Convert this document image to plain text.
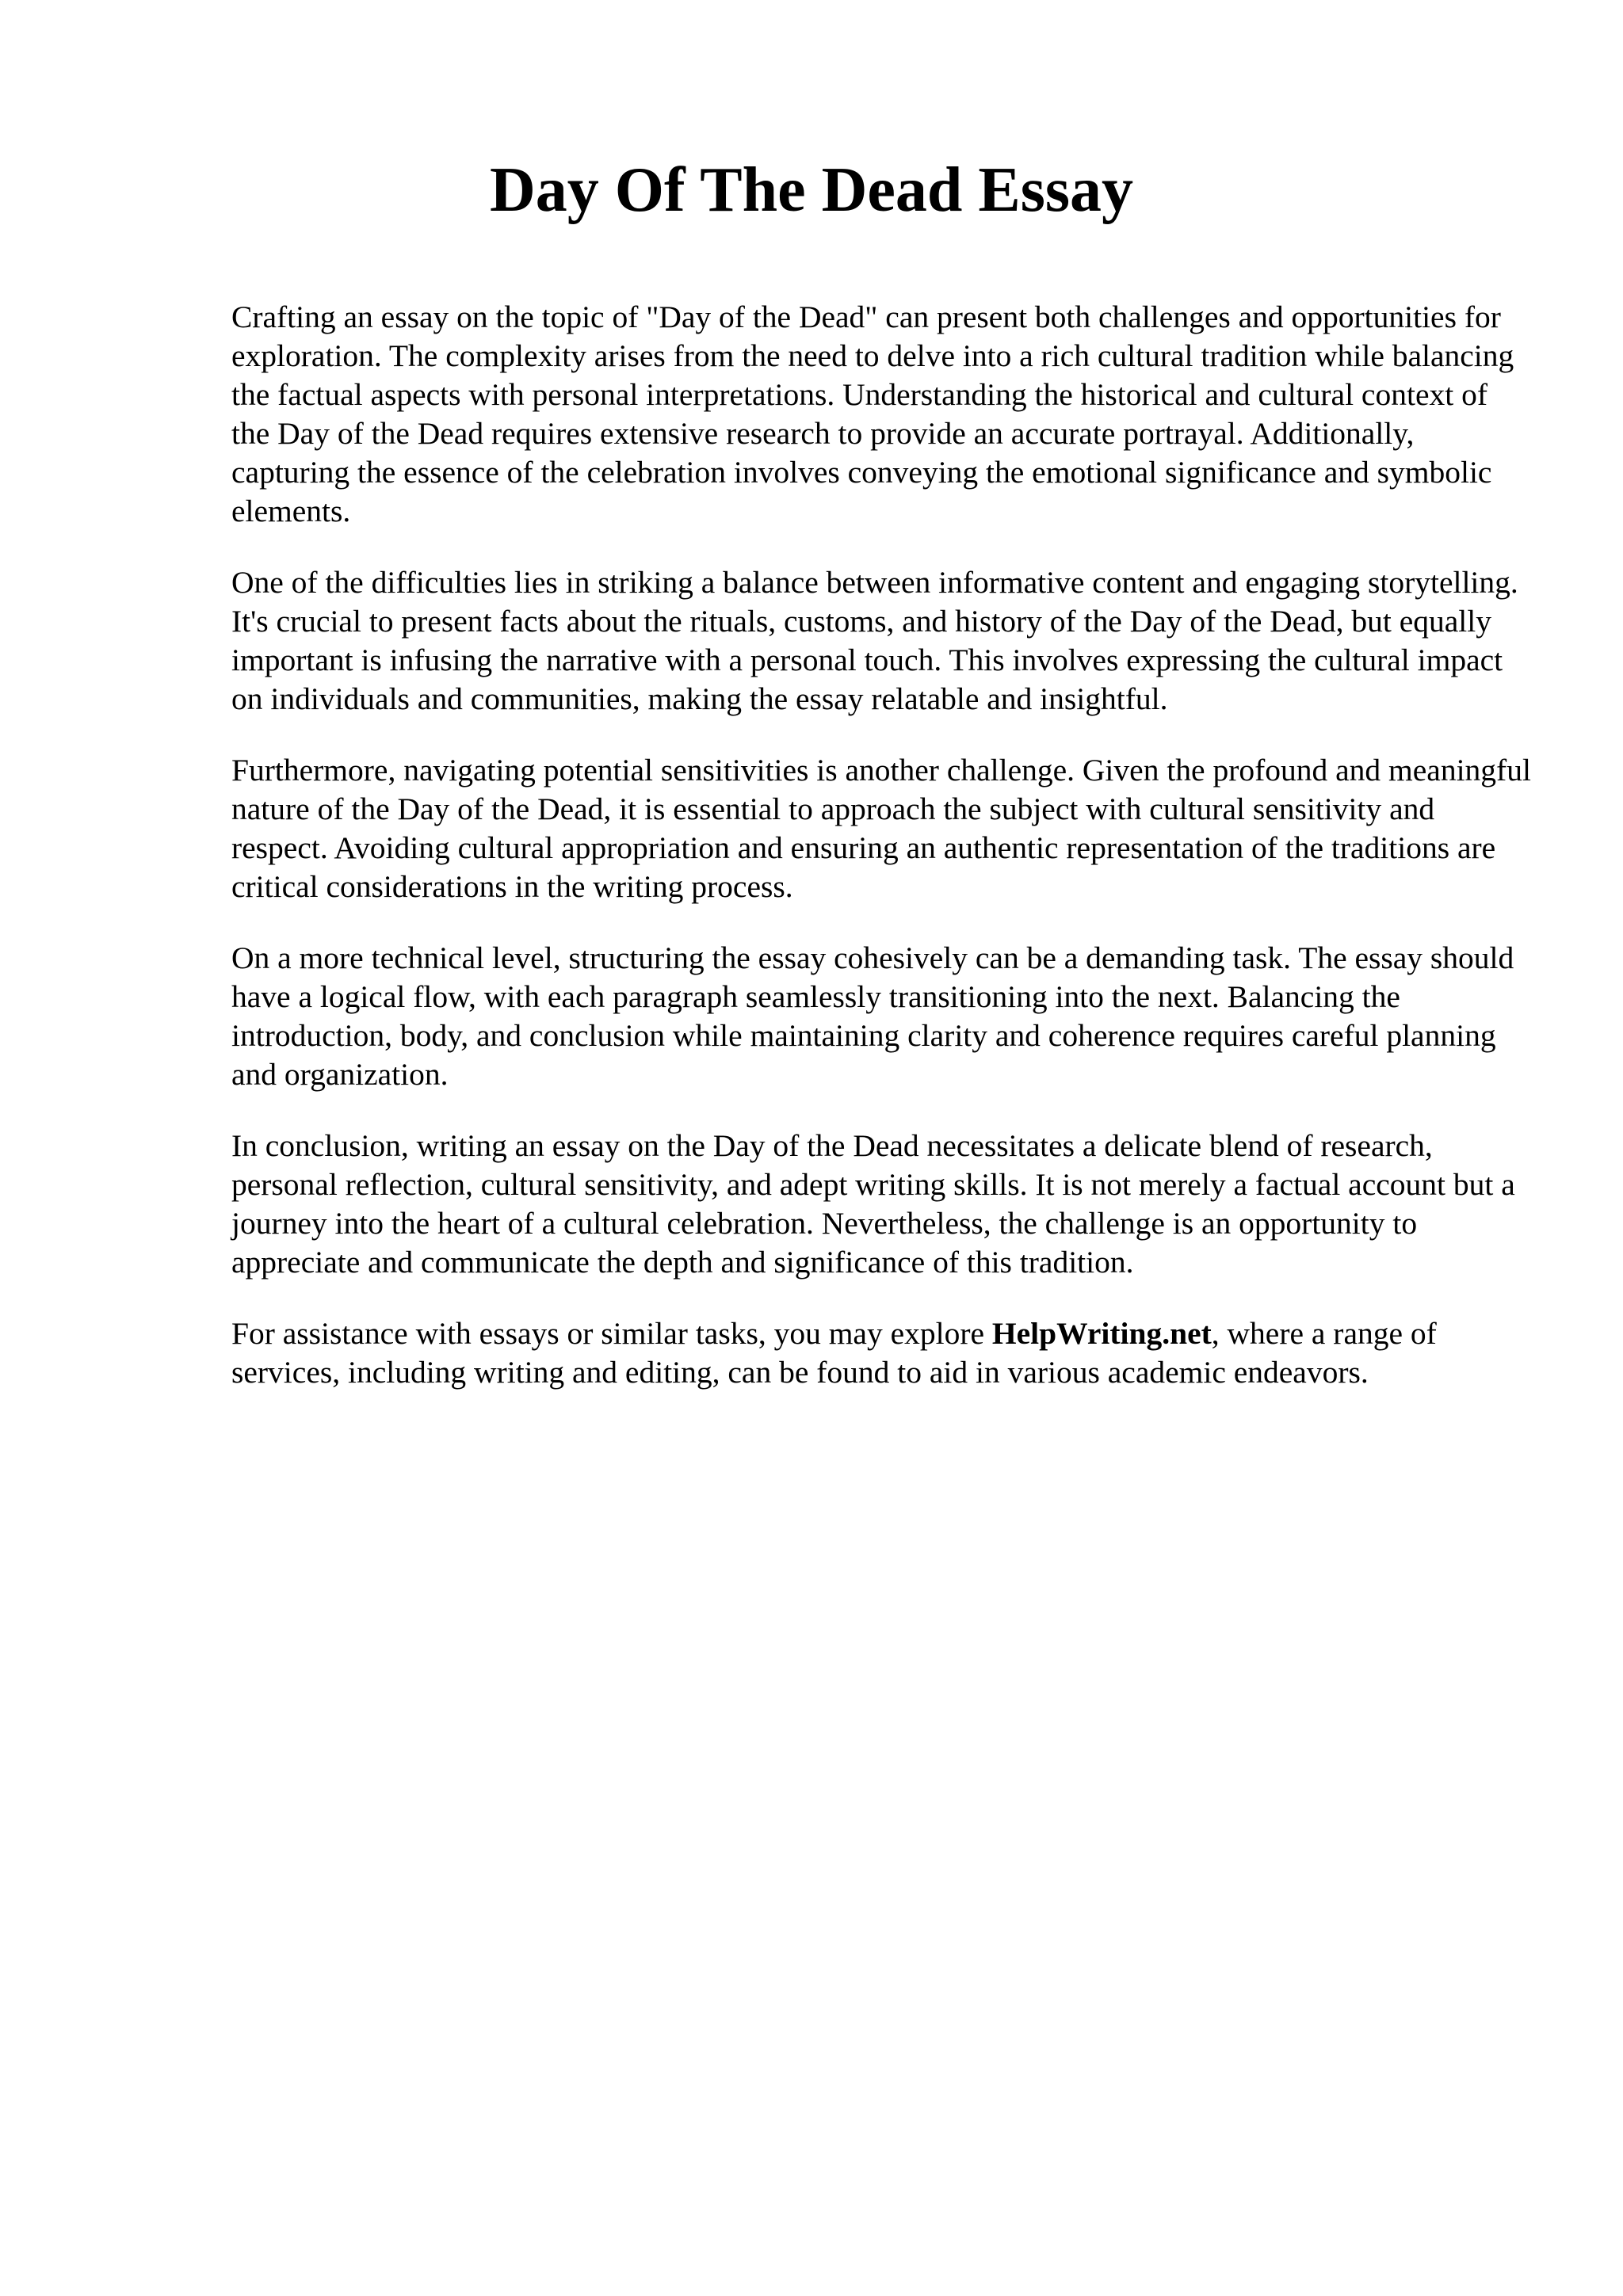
Day Of The Dead Essay

Crafting an essay on the topic of "Day of the Dead" can present both challenges and opportunities for exploration. The complexity arises from the need to delve into a rich cultural tradition while balancing the factual aspects with personal interpretations. Understanding the historical and cultural context of the Day of the Dead requires extensive research to provide an accurate portrayal. Additionally, capturing the essence of the celebration involves conveying the emotional significance and symbolic elements.

One of the difficulties lies in striking a balance between informative content and engaging storytelling. It's crucial to present facts about the rituals, customs, and history of the Day of the Dead, but equally important is infusing the narrative with a personal touch. This involves expressing the cultural impact on individuals and communities, making the essay relatable and insightful.

Furthermore, navigating potential sensitivities is another challenge. Given the profound and meaningful nature of the Day of the Dead, it is essential to approach the subject with cultural sensitivity and respect. Avoiding cultural appropriation and ensuring an authentic representation of the traditions are critical considerations in the writing process.

On a more technical level, structuring the essay cohesively can be a demanding task. The essay should have a logical flow, with each paragraph seamlessly transitioning into the next. Balancing the introduction, body, and conclusion while maintaining clarity and coherence requires careful planning and organization.

In conclusion, writing an essay on the Day of the Dead necessitates a delicate blend of research, personal reflection, cultural sensitivity, and adept writing skills. It is not merely a factual account but a journey into the heart of a cultural celebration. Nevertheless, the challenge is an opportunity to appreciate and communicate the depth and significance of this tradition.

For assistance with essays or similar tasks, you may explore HelpWriting.net, where a range of services, including writing and editing, can be found to aid in various academic endeavors.
